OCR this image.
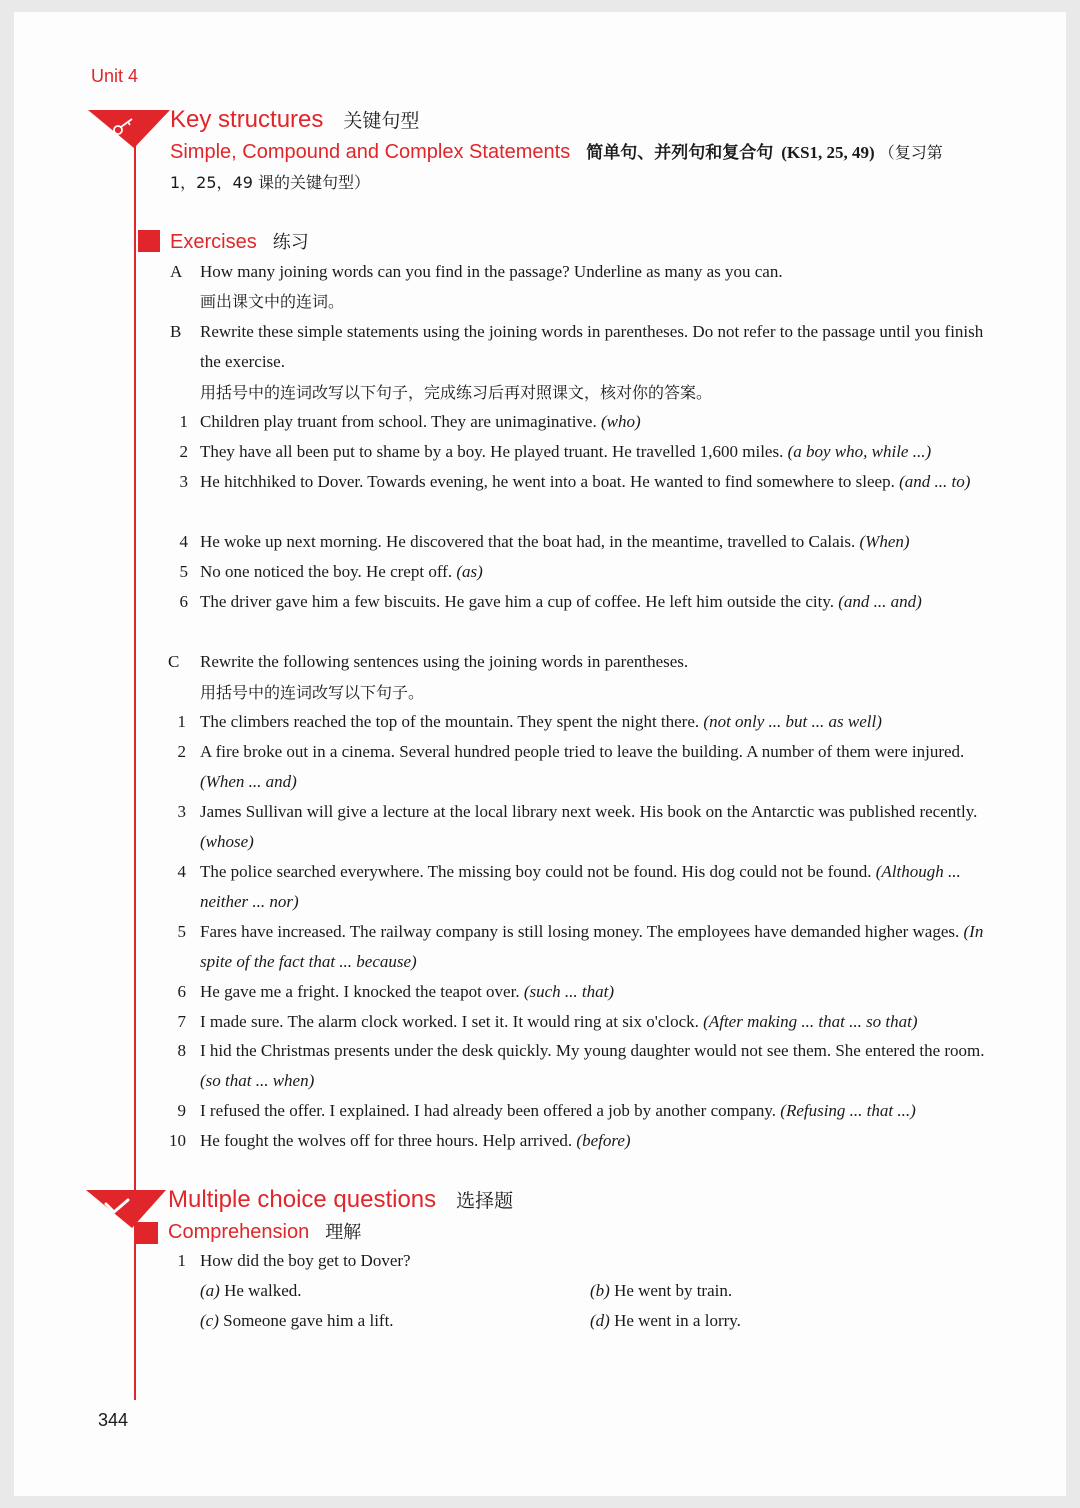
Unit 4
Key structures 关键句型
Simple, Compound and Complex Statements 简单句、并列句和复合句 (KS1, 25, 49) （复习第
1，25，49 课的关键句型）
Exercises 练习
A How many joining words can you find in the passage? Underline as many as you can.
画出课文中的连词。
B Rewrite these simple statements using the joining words in parentheses. Do not refer to the passage until you finish the exercise.
用括号中的连词改写以下句子，完成练习后再对照课文，核对你的答案。
1 Children play truant from school. They are unimaginative. (who)
2 They have all been put to shame by a boy. He played truant. He travelled 1,600 miles. (a boy who, while ...)
3 He hitchhiked to Dover. Towards evening, he went into a boat. He wanted to find somewhere to sleep. (and ... to)
4 He woke up next morning. He discovered that the boat had, in the meantime, travelled to Calais. (When)
5 No one noticed the boy. He crept off. (as)
6 The driver gave him a few biscuits. He gave him a cup of coffee. He left him outside the city. (and ... and)
C Rewrite the following sentences using the joining words in parentheses.
用括号中的连词改写以下句子。
1 The climbers reached the top of the mountain. They spent the night there. (not only ... but ... as well)
2 A fire broke out in a cinema. Several hundred people tried to leave the building. A number of them were injured. (When ... and)
3 James Sullivan will give a lecture at the local library next week. His book on the Antarctic was published recently. (whose)
4 The police searched everywhere. The missing boy could not be found. His dog could not be found. (Although ... neither ... nor)
5 Fares have increased. The railway company is still losing money. The employees have demanded higher wages. (In spite of the fact that ... because)
6 He gave me a fright. I knocked the teapot over. (such ... that)
7 I made sure. The alarm clock worked. I set it. It would ring at six o'clock. (After making ... that ... so that)
8 I hid the Christmas presents under the desk quickly. My young daughter would not see them. She entered the room. (so that ... when)
9 I refused the offer. I explained. I had already been offered a job by another company. (Refusing ... that ...)
10 He fought the wolves off for three hours. Help arrived. (before)
Multiple choice questions 选择题
Comprehension 理解
1 How did the boy get to Dover?
(a) He walked.	(b) He went by train.
(c) Someone gave him a lift.	(d) He went in a lorry.
344
